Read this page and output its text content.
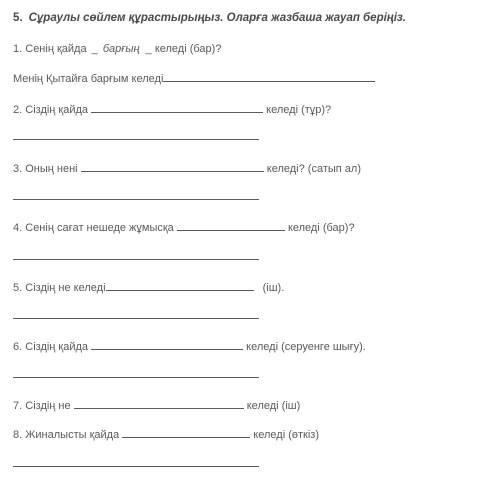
5. Сұраулы сөйлем құрастырыңыз. Оларға жазбаша жауап беріңіз.
1. Сенің қайда _ барғың _ келеді (бар)?
Менің Қытайға барғым келеді
2. Сіздің қайда	келеді (тұр)?
3. Оның нені	келеді? (сатып ал)
4. Сенің сағат нешеде жұмысқа	келеді (бар)?
5. Сіздің не келеді	(іш).
6. Сіздің қайда	келеді (серуенге шығу).
7. Сіздің не	келеді (іш)
8. Жиналысты қайда	келеді (өткіз)
